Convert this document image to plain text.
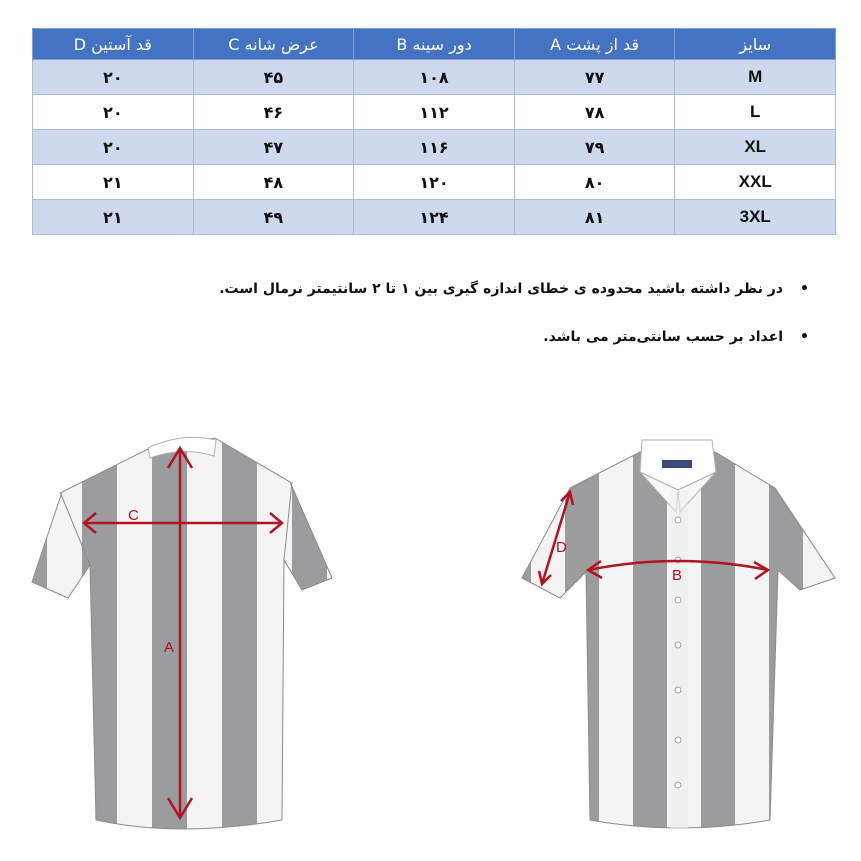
سایز	قد از پشت A	دور سینه B	عرض شانه C	قد آستین D
M	۷۷	۱۰۸	۴۵	۲۰
L	۷۸	۱۱۲	۴۶	۲۰
XL	۷۹	۱۱۶	۴۷	۲۰
XXL	۸۰	۱۲۰	۴۸	۲۱
3XL	۸۱	۱۲۴	۴۹	۲۱
•
در نظر داشته باشید محدوده ی خطای اندازه گیری بین ۱ تا ۲ سانتیمتر نرمال است.
•
اعداد بر حسب سانتی‌متر می باشد.
C
A
D
B
